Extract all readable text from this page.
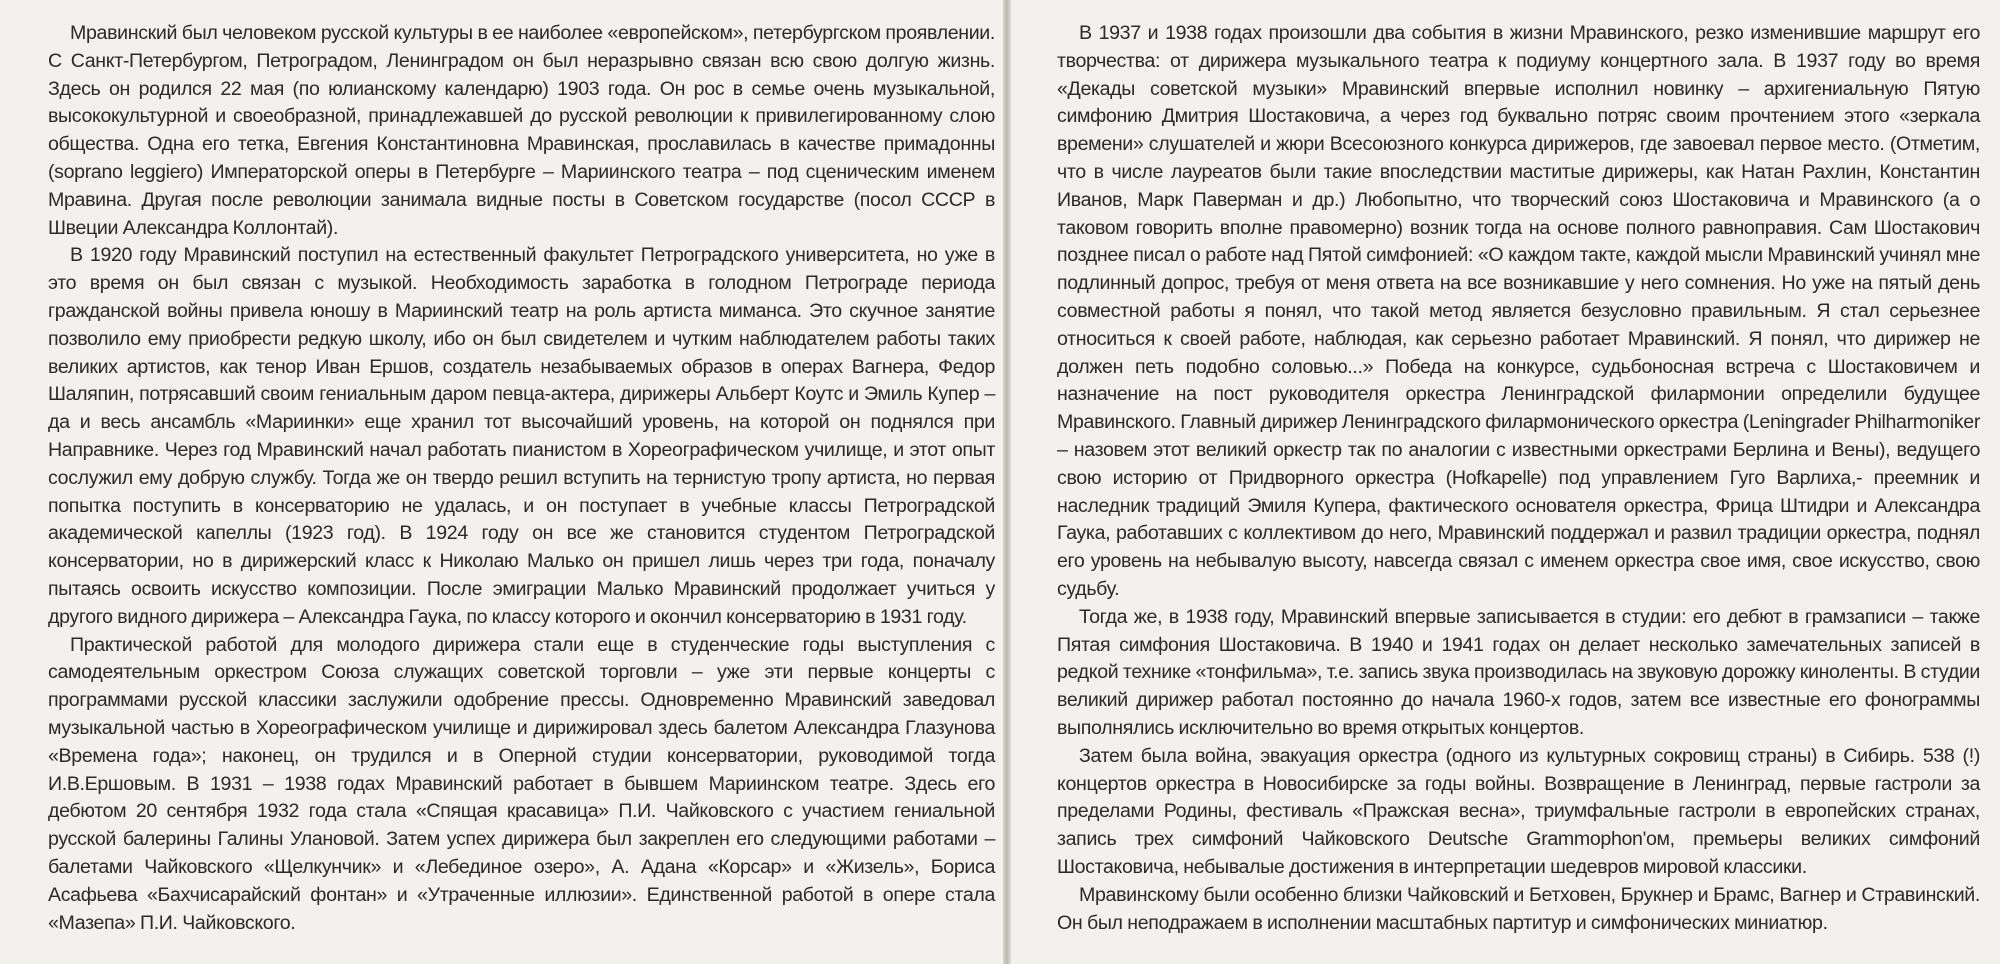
Мравинский был человеком русской культуры в ее наиболее «европейском», петербургском проявлении. С Санкт-Петербургом, Петроградом, Ленинградом он был неразрывно связан всю свою долгую жизнь. Здесь он родился 22 мая (по юлианскому календарю) 1903 года. Он рос в семье очень музыкальной, высококультурной и своеобразной, принадлежавшей до русской революции к привилегированному слою общества. Одна его тетка, Евгения Константиновна Мравинская, прославилась в качестве примадонны (soprano leggiero) Императорской оперы в Петербурге – Мариинского театра – под сценическим именем Мравина. Другая после революции занимала видные посты в Советском государстве (посол СССР в Швеции Александра Коллонтай).

В 1920 году Мравинский поступил на естественный факультет Петроградского университета, но уже в это время он был связан с музыкой. Необходимость заработка в голодном Петрограде периода гражданской войны привела юношу в Мариинский театр на роль артиста миманса. Это скучное занятие позволило ему приобрести редкую школу, ибо он был свидетелем и чутким наблюдателем работы таких великих артистов, как тенор Иван Ершов, создатель незабываемых образов в операх Вагнера, Федор Шаляпин, потрясавший своим гениальным даром певца-актера, дирижеры Альберт Коутс и Эмиль Купер – да и весь ансамбль «Мариинки» еще хранил тот высочайший уровень, на которой он поднялся при Направнике. Через год Мравинский начал работать пианистом в Хореографическом училище, и этот опыт сослужил ему добрую службу. Тогда же он твердо решил вступить на тернистую тропу артиста, но первая попытка поступить в консерваторию не удалась, и он поступает в учебные классы Петроградской академической капеллы (1923 год). В 1924 году он все же становится студентом Петроградской консерватории, но в дирижерский класс к Николаю Малько он пришел лишь через три года, поначалу пытаясь освоить искусство композиции. После эмиграции Малько Мравинский продолжает учиться у другого видного дирижера – Александра Гаука, по классу которого и окончил консерваторию в 1931 году.

Практической работой для молодого дирижера стали еще в студенческие годы выступления с самодеятельным оркестром Союза служащих советской торговли – уже эти первые концерты с программами русской классики заслужили одобрение прессы. Одновременно Мравинский заведовал музыкальной частью в Хореографическом училище и дирижировал здесь балетом Александра Глазунова «Времена года»; наконец, он трудился и в Оперной студии консерватории, руководимой тогда И.В.Ершовым. В 1931 – 1938 годах Мравинский работает в бывшем Мариинском театре. Здесь его дебютом 20 сентября 1932 года стала «Спящая красавица» П.И. Чайковского с участием гениальной русской балерины Галины Улановой. Затем успех дирижера был закреплен его следующими работами – балетами Чайковского «Щелкунчик» и «Лебединое озеро», А. Адана «Корсар» и «Жизель», Бориса Асафьева «Бахчисарайский фонтан» и «Утраченные иллюзии». Единственной работой в опере стала «Мазепа» П.И. Чайковского.

В 1937 и 1938 годах произошли два события в жизни Мравинского, резко изменившие маршрут его творчества: от дирижера музыкального театра к подиуму концертного зала. В 1937 году во время «Декады советской музыки» Мравинский впервые исполнил новинку – архигениальную Пятую симфонию Дмитрия Шостаковича, а через год буквально потряс своим прочтением этого «зеркала времени» слушателей и жюри Всесоюзного конкурса дирижеров, где завоевал первое место. (Отметим, что в числе лауреатов были такие впоследствии маститые дирижеры, как Натан Рахлин, Константин Иванов, Марк Паверман и др.) Любопытно, что творческий союз Шостаковича и Мравинского (а о таковом говорить вполне правомерно) возник тогда на основе полного равноправия. Сам Шостакович позднее писал о работе над Пятой симфонией: «О каждом такте, каждой мысли Мравинский учинял мне подлинный допрос, требуя от меня ответа на все возникавшие у него сомнения. Но уже на пятый день совместной работы я понял, что такой метод является безусловно правильным. Я стал серьезнее относиться к своей работе, наблюдая, как серьезно работает Мравинский. Я понял, что дирижер не должен петь подобно соловью...» Победа на конкурсе, судьбоносная встреча с Шостаковичем и назначение на пост руководителя оркестра Ленинградской филармонии определили будущее Мравинского. Главный дирижер Ленинградского филармонического оркестра (Leningrader Philharmoniker – назовем этот великий оркестр так по аналогии с известными оркестрами Берлина и Вены), ведущего свою историю от Придворного оркестра (Hofkapelle) под управлением Гуго Варлиха,- преемник и наследник традиций Эмиля Купера, фактического основателя оркестра, Фрица Штидри и Александра Гаука, работавших с коллективом до него, Мравинский поддержал и развил традиции оркестра, поднял его уровень на небывалую высоту, навсегда связал с именем оркестра свое имя, свое искусство, свою судьбу.

Тогда же, в 1938 году, Мравинский впервые записывается в студии: его дебют в грамзаписи – также Пятая симфония Шостаковича. В 1940 и 1941 годах он делает несколько замечательных записей в редкой технике «тонфильма», т.е. запись звука производилась на звуковую дорожку киноленты. В студии великий дирижер работал постоянно до начала 1960-х годов, затем все известные его фонограммы выполнялись исключительно во время открытых концертов.

Затем была война, эвакуация оркестра (одного из культурных сокровищ страны) в Сибирь. 538 (!) концертов оркестра в Новосибирске за годы войны. Возвращение в Ленинград, первые гастроли за пределами Родины, фестиваль «Пражская весна», триумфальные гастроли в европейских странах, запись трех симфоний Чайковского Deutsche Grammophon'ом, премьеры великих симфоний Шостаковича, небывалые достижения в интерпретации шедевров мировой классики.

Мравинскому были особенно близки Чайковский и Бетховен, Брукнер и Брамс, Вагнер и Стравинский. Он был неподражаем в исполнении масштабных партитур и симфонических миниатюр.
